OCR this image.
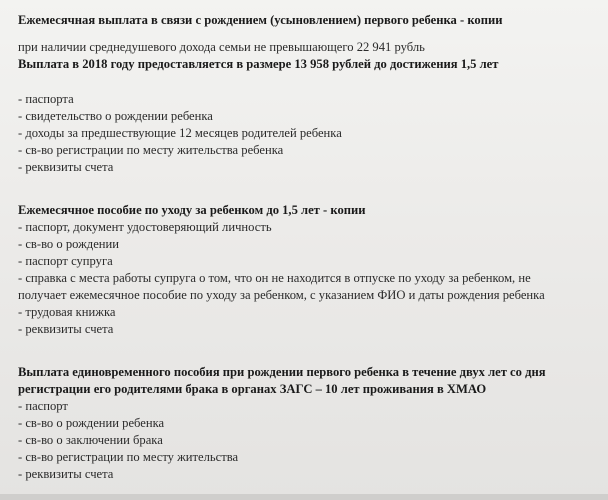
Ежемесячная выплата в связи с рождением (усыновлением) первого ребенка - копии
при наличии среднедушевого дохода семьи не превышающего 22 941 рубль
Выплата в 2018 году предоставляется в размере 13 958 рублей до достижения 1,5 лет
- паспорта
- свидетельство о рождении ребенка
- доходы за предшествующие 12 месяцев родителей ребенка
- св-во регистрации по месту жительства ребенка
- реквизиты счета
Ежемесячное пособие по уходу за ребенком до 1,5 лет - копии
- паспорт, документ удостоверяющий личность
- св-во о рождении
- паспорт супруга
- справка с места работы супруга о том, что он не находится в отпуске по уходу за ребенком, не
получает ежемесячное пособие по уходу за ребенком, с указанием ФИО и даты рождения ребенка
- трудовая книжка
- реквизиты счета
Выплата единовременного пособия при рождении первого ребенка в течение двух лет со дня
регистрации его родителями брака в органах ЗАГС – 10 лет проживания в ХМАО
- паспорт
- св-во о рождении ребенка
- св-во о заключении брака
- св-во регистрации по месту жительства
- реквизиты счета
